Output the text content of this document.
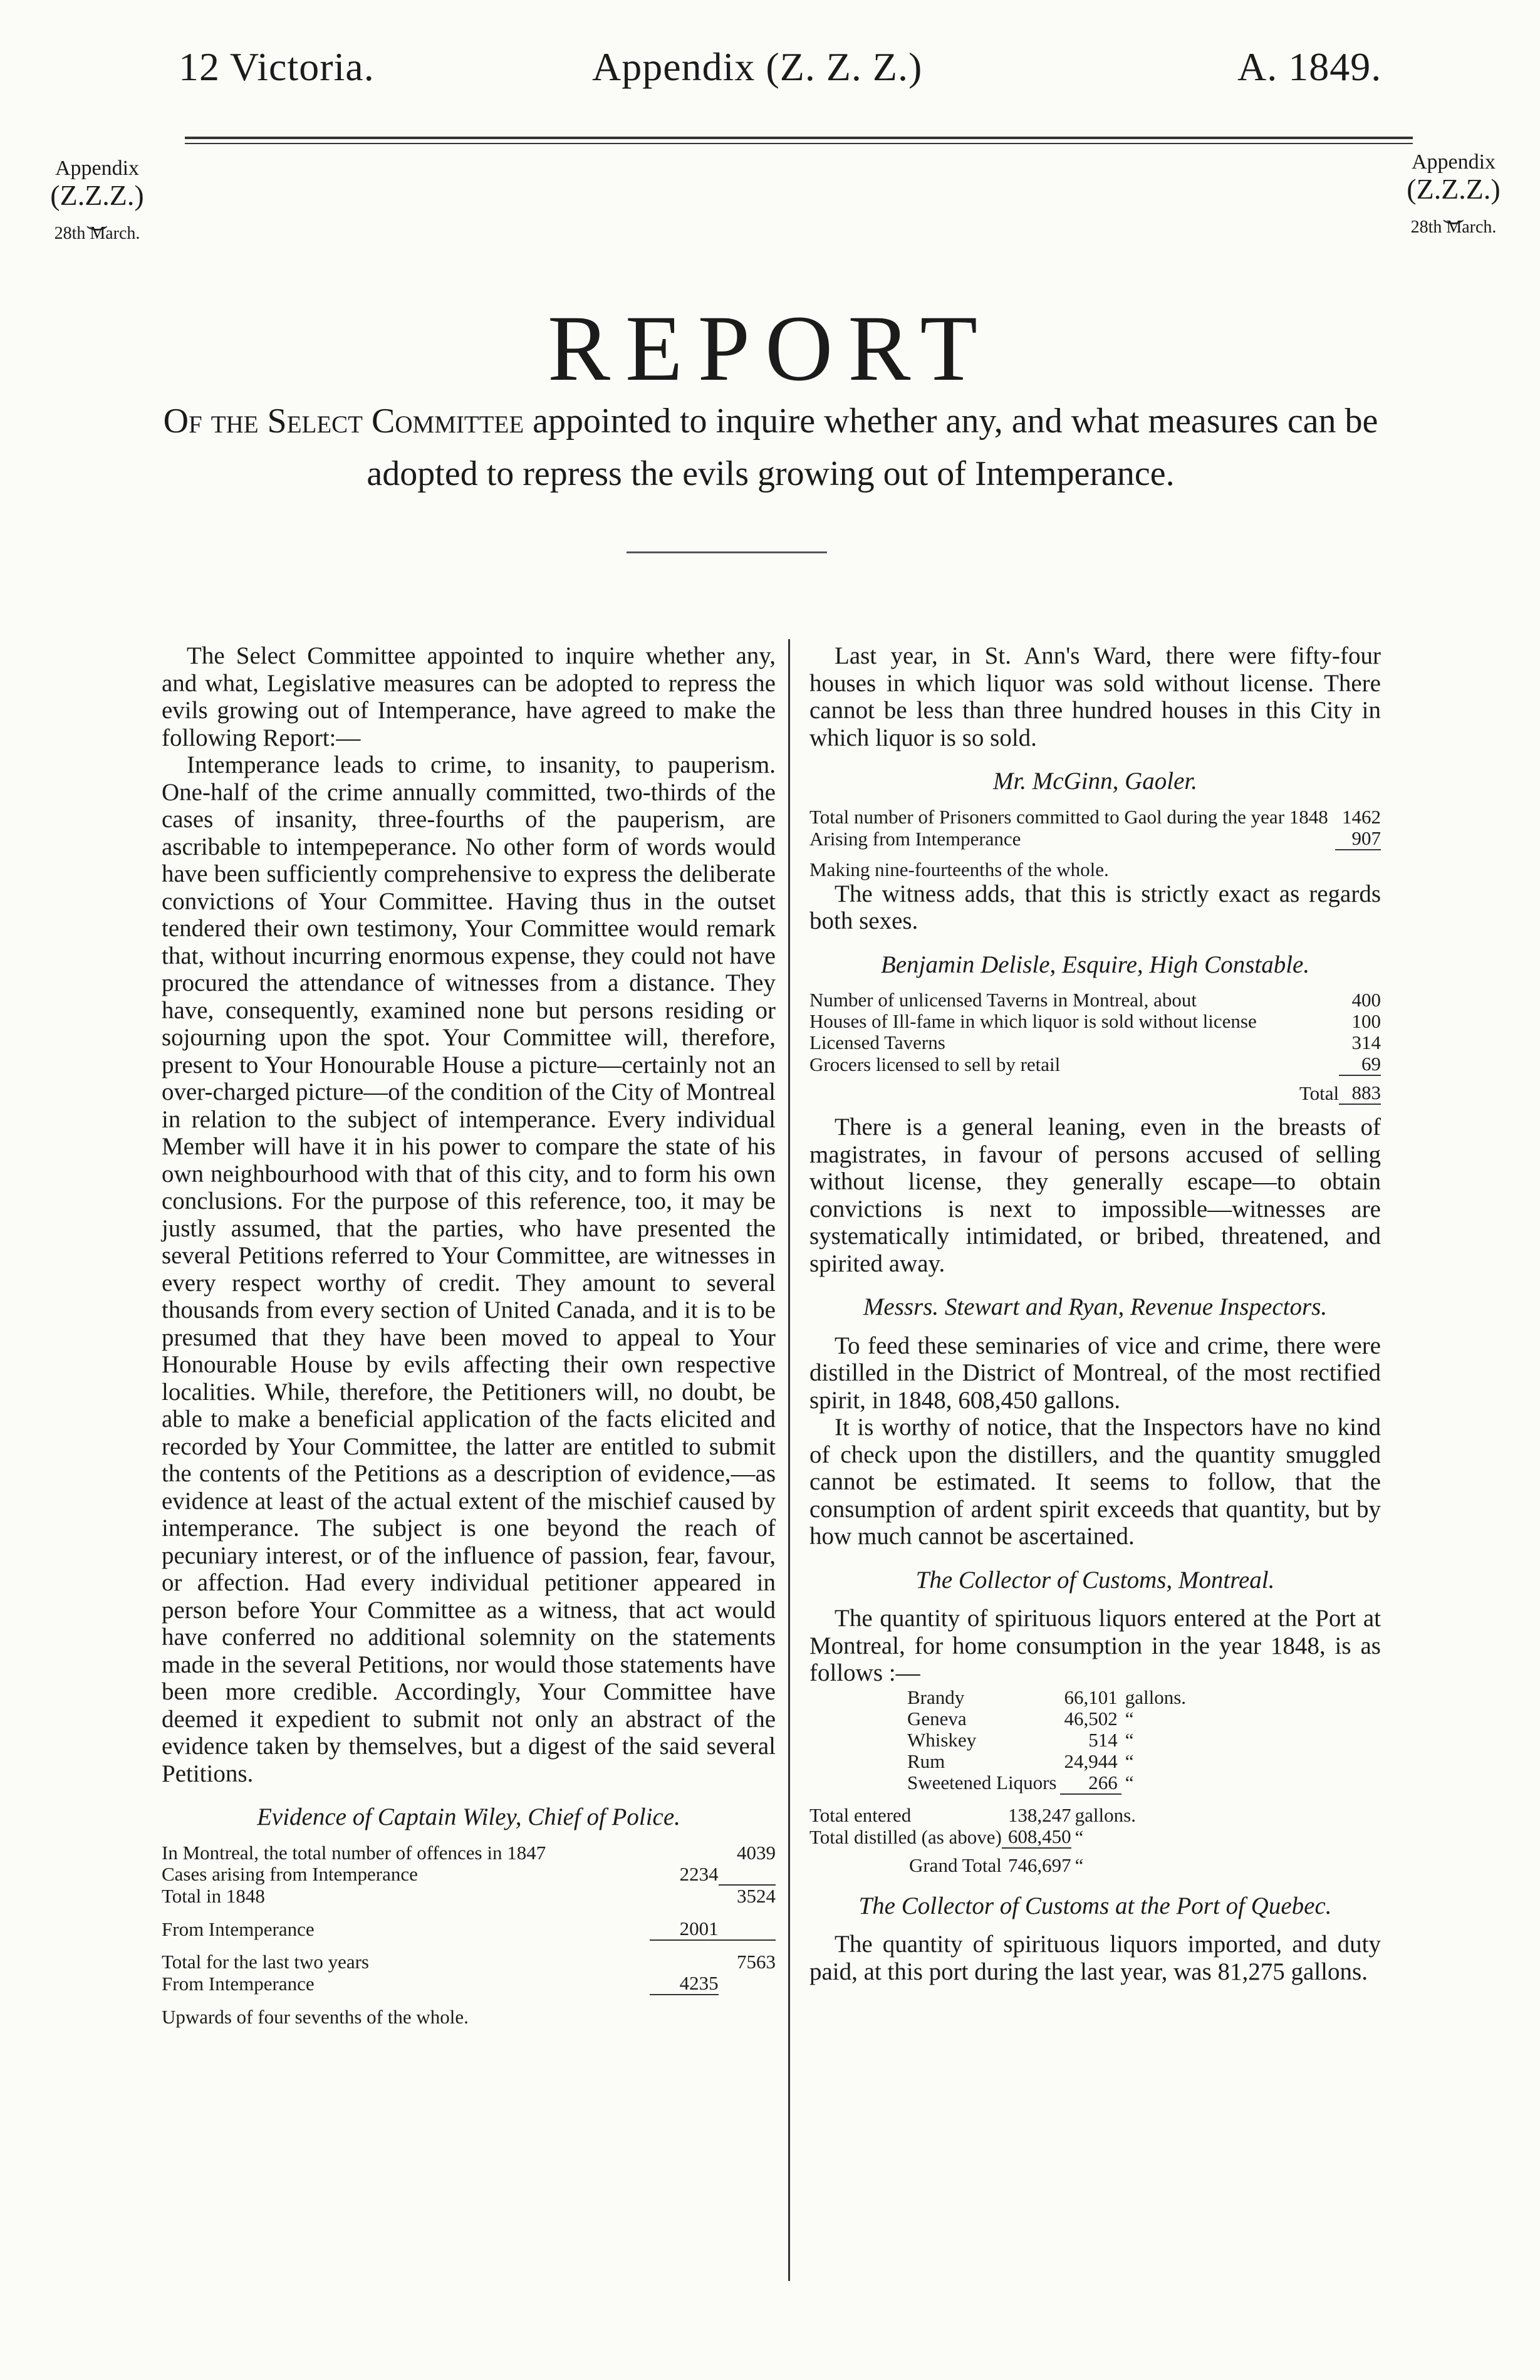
12 Victoria.	Appendix (Z. Z. Z.)	A. 1849.
Appendix
(Z.Z.Z.)
⏝
28th March.
Appendix
(Z.Z.Z.)
⏝
28th March.
REPORT
Of the Select Committee appointed to inquire whether any, and what measures can be adopted to repress the evils growing out of Intemperance.

The Select Committee appointed to inquire whether any, and what, Legislative measures can be adopted to repress the evils growing out of Intemperance, have agreed to make the following Report:—

Intemperance leads to crime, to insanity, to pauperism. One-half of the crime annually committed, two-thirds of the cases of insanity, three-fourths of the pauperism, are ascribable to intempeperance. No other form of words would have been sufficiently comprehensive to express the deliberate convictions of Your Committee. Having thus in the outset tendered their own testimony, Your Committee would remark that, without incurring enormous expense, they could not have procured the attendance of witnesses from a distance. They have, consequently, examined none but persons residing or sojourning upon the spot. Your Committee will, therefore, present to Your Honourable House a picture—certainly not an over-charged picture—of the condition of the City of Montreal in relation to the subject of intemperance. Every individual Member will have it in his power to compare the state of his own neighbourhood with that of this city, and to form his own conclusions. For the purpose of this reference, too, it may be justly assumed, that the parties, who have presented the several Petitions referred to Your Committee, are witnesses in every respect worthy of credit. They amount to several thousands from every section of United Canada, and it is to be presumed that they have been moved to appeal to Your Honourable House by evils affecting their own respective localities. While, therefore, the Petitioners will, no doubt, be able to make a beneficial application of the facts elicited and recorded by Your Committee, the latter are entitled to submit the contents of the Petitions as a description of evidence,—as evidence at least of the actual extent of the mischief caused by intemperance. The subject is one beyond the reach of pecuniary interest, or of the influence of passion, fear, favour, or affection. Had every individual petitioner appeared in person before Your Committee as a witness, that act would have conferred no additional solemnity on the statements made in the several Petitions, nor would those statements have been more credible. Accordingly, Your Committee have deemed it expedient to submit not only an abstract of the evidence taken by themselves, but a digest of the said several Petitions.

Evidence of Captain Wiley, Chief of Police.

In Montreal, the total number of offences in 1847		4039
Cases arising from Intemperance	2234	
Total in 1848		3524

From Intemperance	2001	

Total for the last two years		7563
From Intemperance	4235	

Upwards of four sevenths of the whole.

Last year, in St. Ann's Ward, there were fifty-four houses in which liquor was sold without license. There cannot be less than three hundred houses in this City in which liquor is so sold.

Mr. McGinn, Gaoler.

Total number of Prisoners committed to Gaol during the year 1848	1462
Arising from Intemperance	907

Making nine-fourteenths of the whole.

The witness adds, that this is strictly exact as regards both sexes.

Benjamin Delisle, Esquire, High Constable.

Number of unlicensed Taverns in Montreal, about	400
Houses of Ill-fame in which liquor is sold without license	100
Licensed Taverns	314
Grocers licensed to sell by retail	69
Total	883

There is a general leaning, even in the breasts of magistrates, in favour of persons accused of selling without license, they generally escape—to obtain convictions is next to impossible—witnesses are systematically intimidated, or bribed, threatened, and spirited away.

Messrs. Stewart and Ryan, Revenue Inspectors.

To feed these seminaries of vice and crime, there were distilled in the District of Montreal, of the most rectified spirit, in 1848, 608,450 gallons.

It is worthy of notice, that the Inspectors have no kind of check upon the distillers, and the quantity smuggled cannot be estimated. It seems to follow, that the consumption of ardent spirit exceeds that quantity, but by how much cannot be ascertained.

The Collector of Customs, Montreal.

The quantity of spirituous liquors entered at the Port at Montreal, for home consumption in the year 1848, is as follows :—

Brandy	66,101	gallons.
Geneva	46,502	“
Whiskey	514	“
Rum	24,944	“
Sweetened Liquors	266	“
Total entered	138,247	gallons.
Total distilled (as above)	608,450	“
Grand Total	746,697	“

The Collector of Customs at the Port of Quebec.

The quantity of spirituous liquors imported, and duty paid, at this port during the last year, was 81,275 gallons.
